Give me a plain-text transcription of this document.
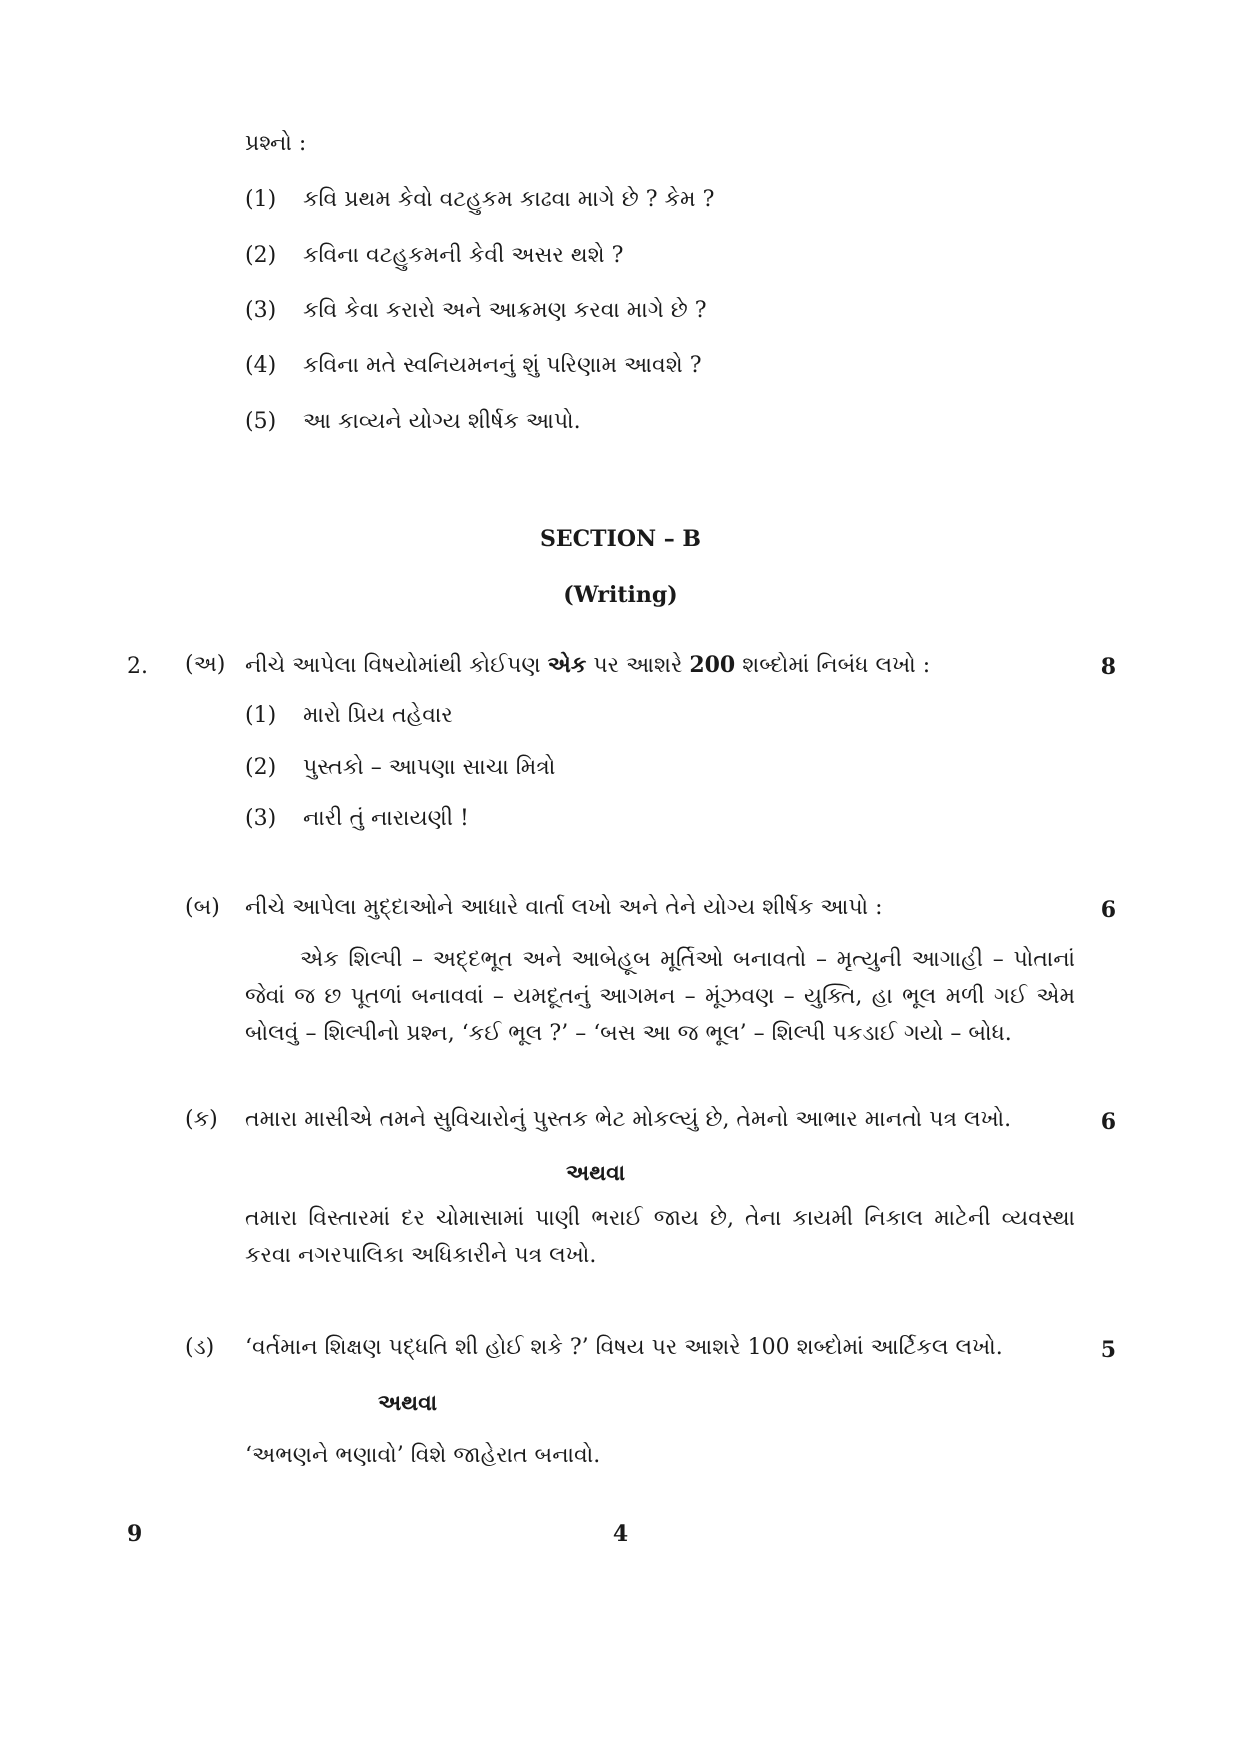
પ્રશ્નો :
(1) કવિ પ્રથમ કેવો વટહુકમ કાઢવા માગે છે ? કેમ ?
(2) કવિના વટહુકમની કેવી અસર થશે ?
(3) કવિ કેવા કરારો અને આક્રમણ કરવા માગે છે ?
(4) કવિના મતે સ્વનિયમનનું શું પરિણામ આવશે ?
(5) આ કાવ્યને યોગ્ય શીર્ષક આપો.
SECTION – B
(Writing)
2. (અ) નીચે આપેલા વિષયોમાંથી કોઈપણ એક પર આશરે 200 શબ્દોમાં નિબંધ લખો :	8
(1) મારો પ્રિય તહેવાર
(2) પુસ્તકો – આપણા સાચા મિત્રો
(3) નારી તું નારાયણી !
(બ) નીચે આપેલા મુદ્દાઓને આધારે વાર્તા લખો અને તેને યોગ્ય શીર્ષક આપો :	6
એક શિલ્પી – અદ્દભૂત અને આબેહૂબ મૂર્તિઓ બનાવતો – મૃત્યુની આગાહી – પોતાનાં જેવાં જ છ પૂતળાં બનાવવાં – યમદૂતનું આગમન – મૂંઝવણ – યુક્તિ, હા ભૂલ મળી ગઈ એમ બોલવું – શિલ્પીનો પ્રશ્ન, ‘કઈ ભૂલ ?’ – ‘બસ આ જ ભૂલ’ – શિલ્પી પકડાઈ ગયો – બોધ.
(ક) તમારા માસીએ તમને સુવિચારોનું પુસ્તક ભેટ મોકલ્યું છે, તેમનો આભાર માનતો પત્ર લખો.	6
અથવા
તમારા વિસ્તારમાં દર ચોમાસામાં પાણી ભરાઈ જાય છે, તેના કાયમી નિકાલ માટેની વ્યવસ્થા કરવા નગરપાલિકા અધિકારીને પત્ર લખો.
(ડ) ‘વર્તમાન શિક્ષણ પદ્ધતિ શી હોઈ શકે ?’ વિષય પર આશરે 100 શબ્દોમાં આર્ટિકલ લખો.	5
અથવા
‘અભણને ભણાવો’ વિશે જાહેરાત બનાવો.
9	4
